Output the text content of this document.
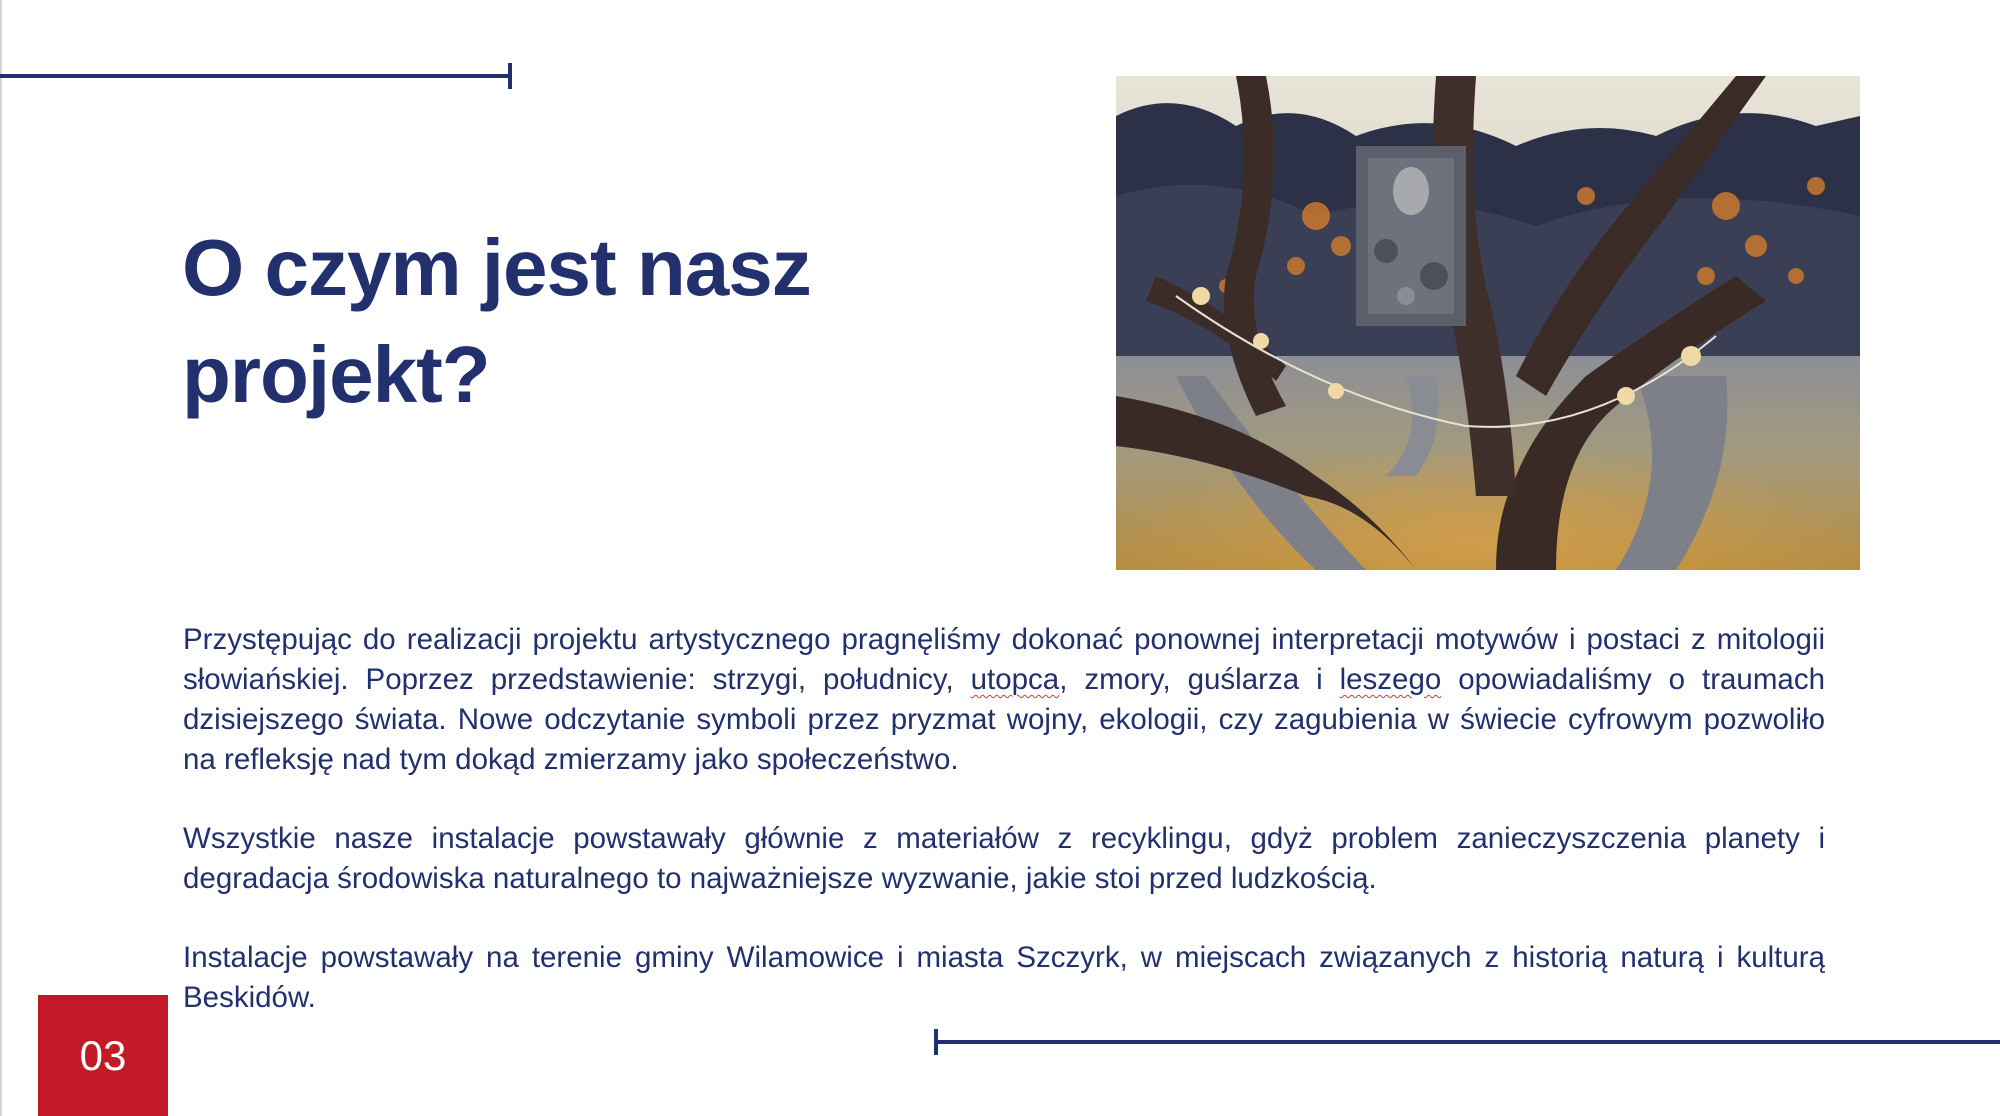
O czym jest nasz projekt?

Przystępując do realizacji projektu artystycznego pragnęliśmy dokonać ponownej interpretacji motywów i postaci z mitologii słowiańskiej. Poprzez przedstawienie: strzygi, południcy, utopca, zmory, guślarza i leszego opowiadaliśmy o traumach dzisiejszego świata. Nowe odczytanie symboli przez pryzmat wojny, ekologii, czy zagubienia w świecie cyfrowym pozwoliło na refleksję nad tym dokąd zmierzamy jako społeczeństwo.

Wszystkie nasze instalacje powstawały głównie z materiałów z recyklingu, gdyż problem zanieczyszczenia planety i degradacja środowiska naturalnego to najważniejsze wyzwanie, jakie stoi przed ludzkością.

Instalacje powstawały na terenie gminy Wilamowice i miasta Szczyrk, w miejscach związanych z historią naturą i kulturą Beskidów.

03
